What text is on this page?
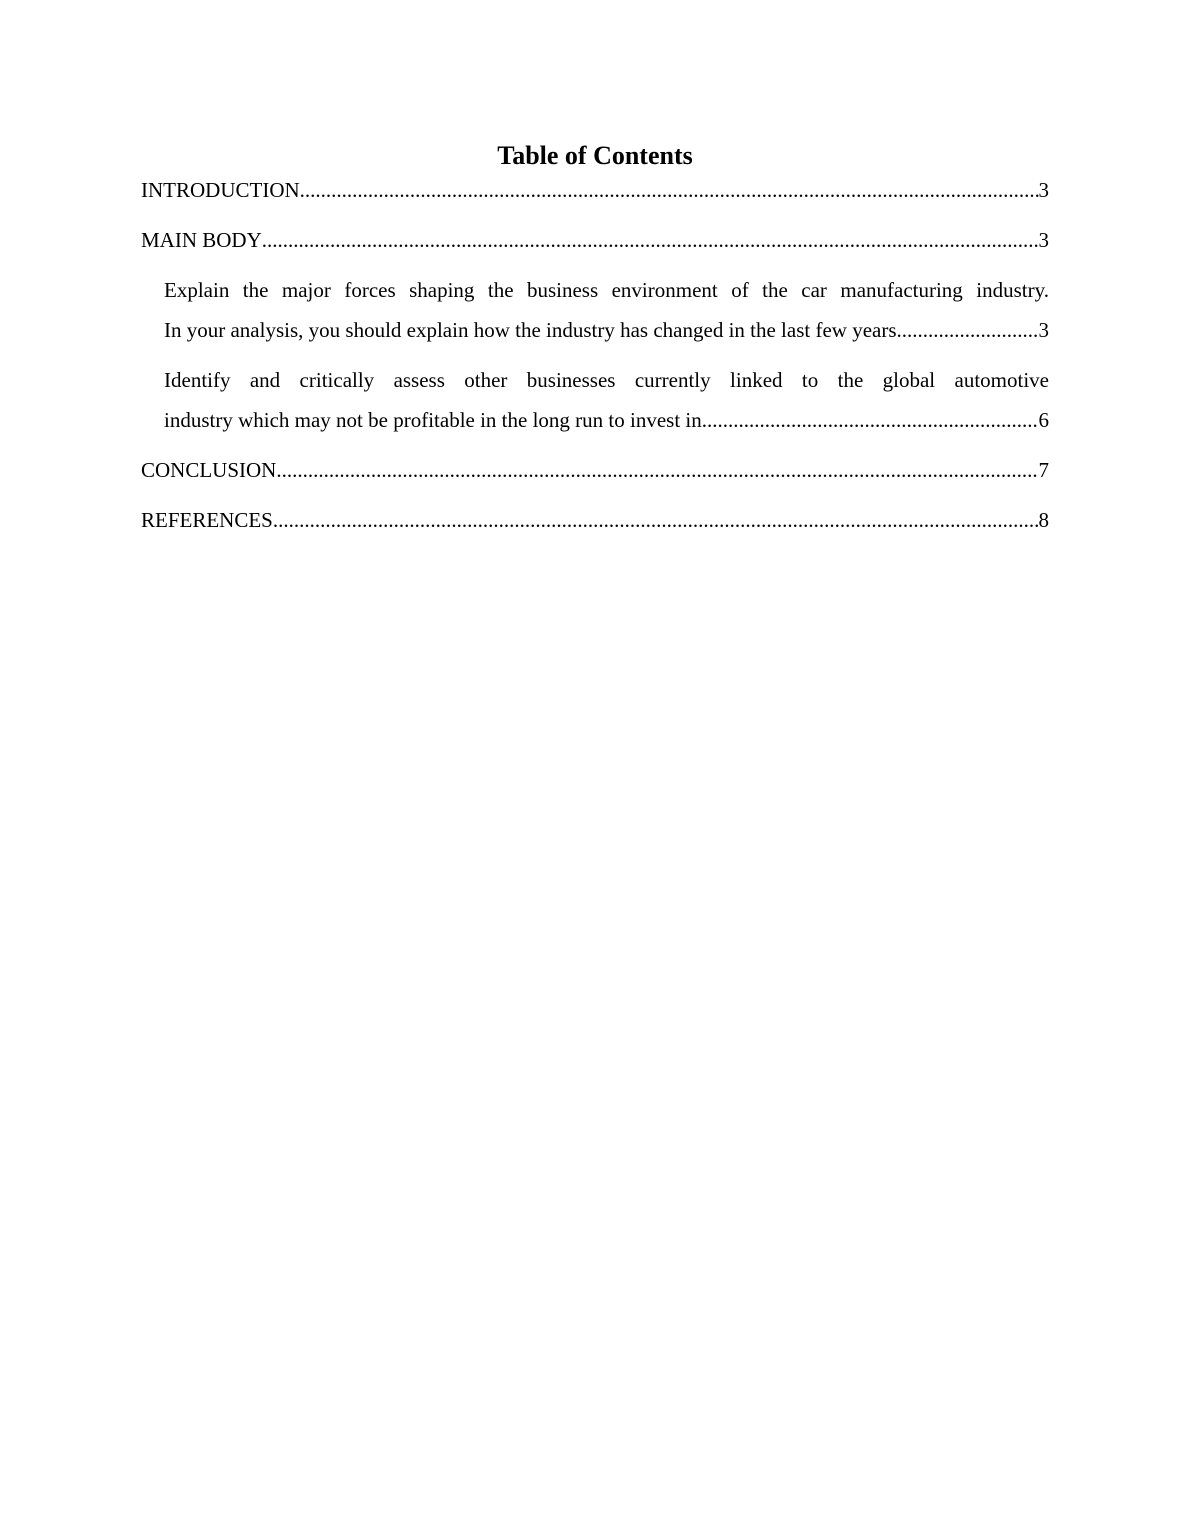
Table of Contents
INTRODUCTION .....	3
MAIN BODY .....	3
Explain the major forces shaping the business environment of the car manufacturing industry.
In your analysis, you should explain how the industry has changed in the last few years .....	3
Identify and critically assess other businesses currently linked to the global automotive
industry which may not be profitable in the long run to invest in. .....	6
CONCLUSION .....	7
REFERENCES .....	8
